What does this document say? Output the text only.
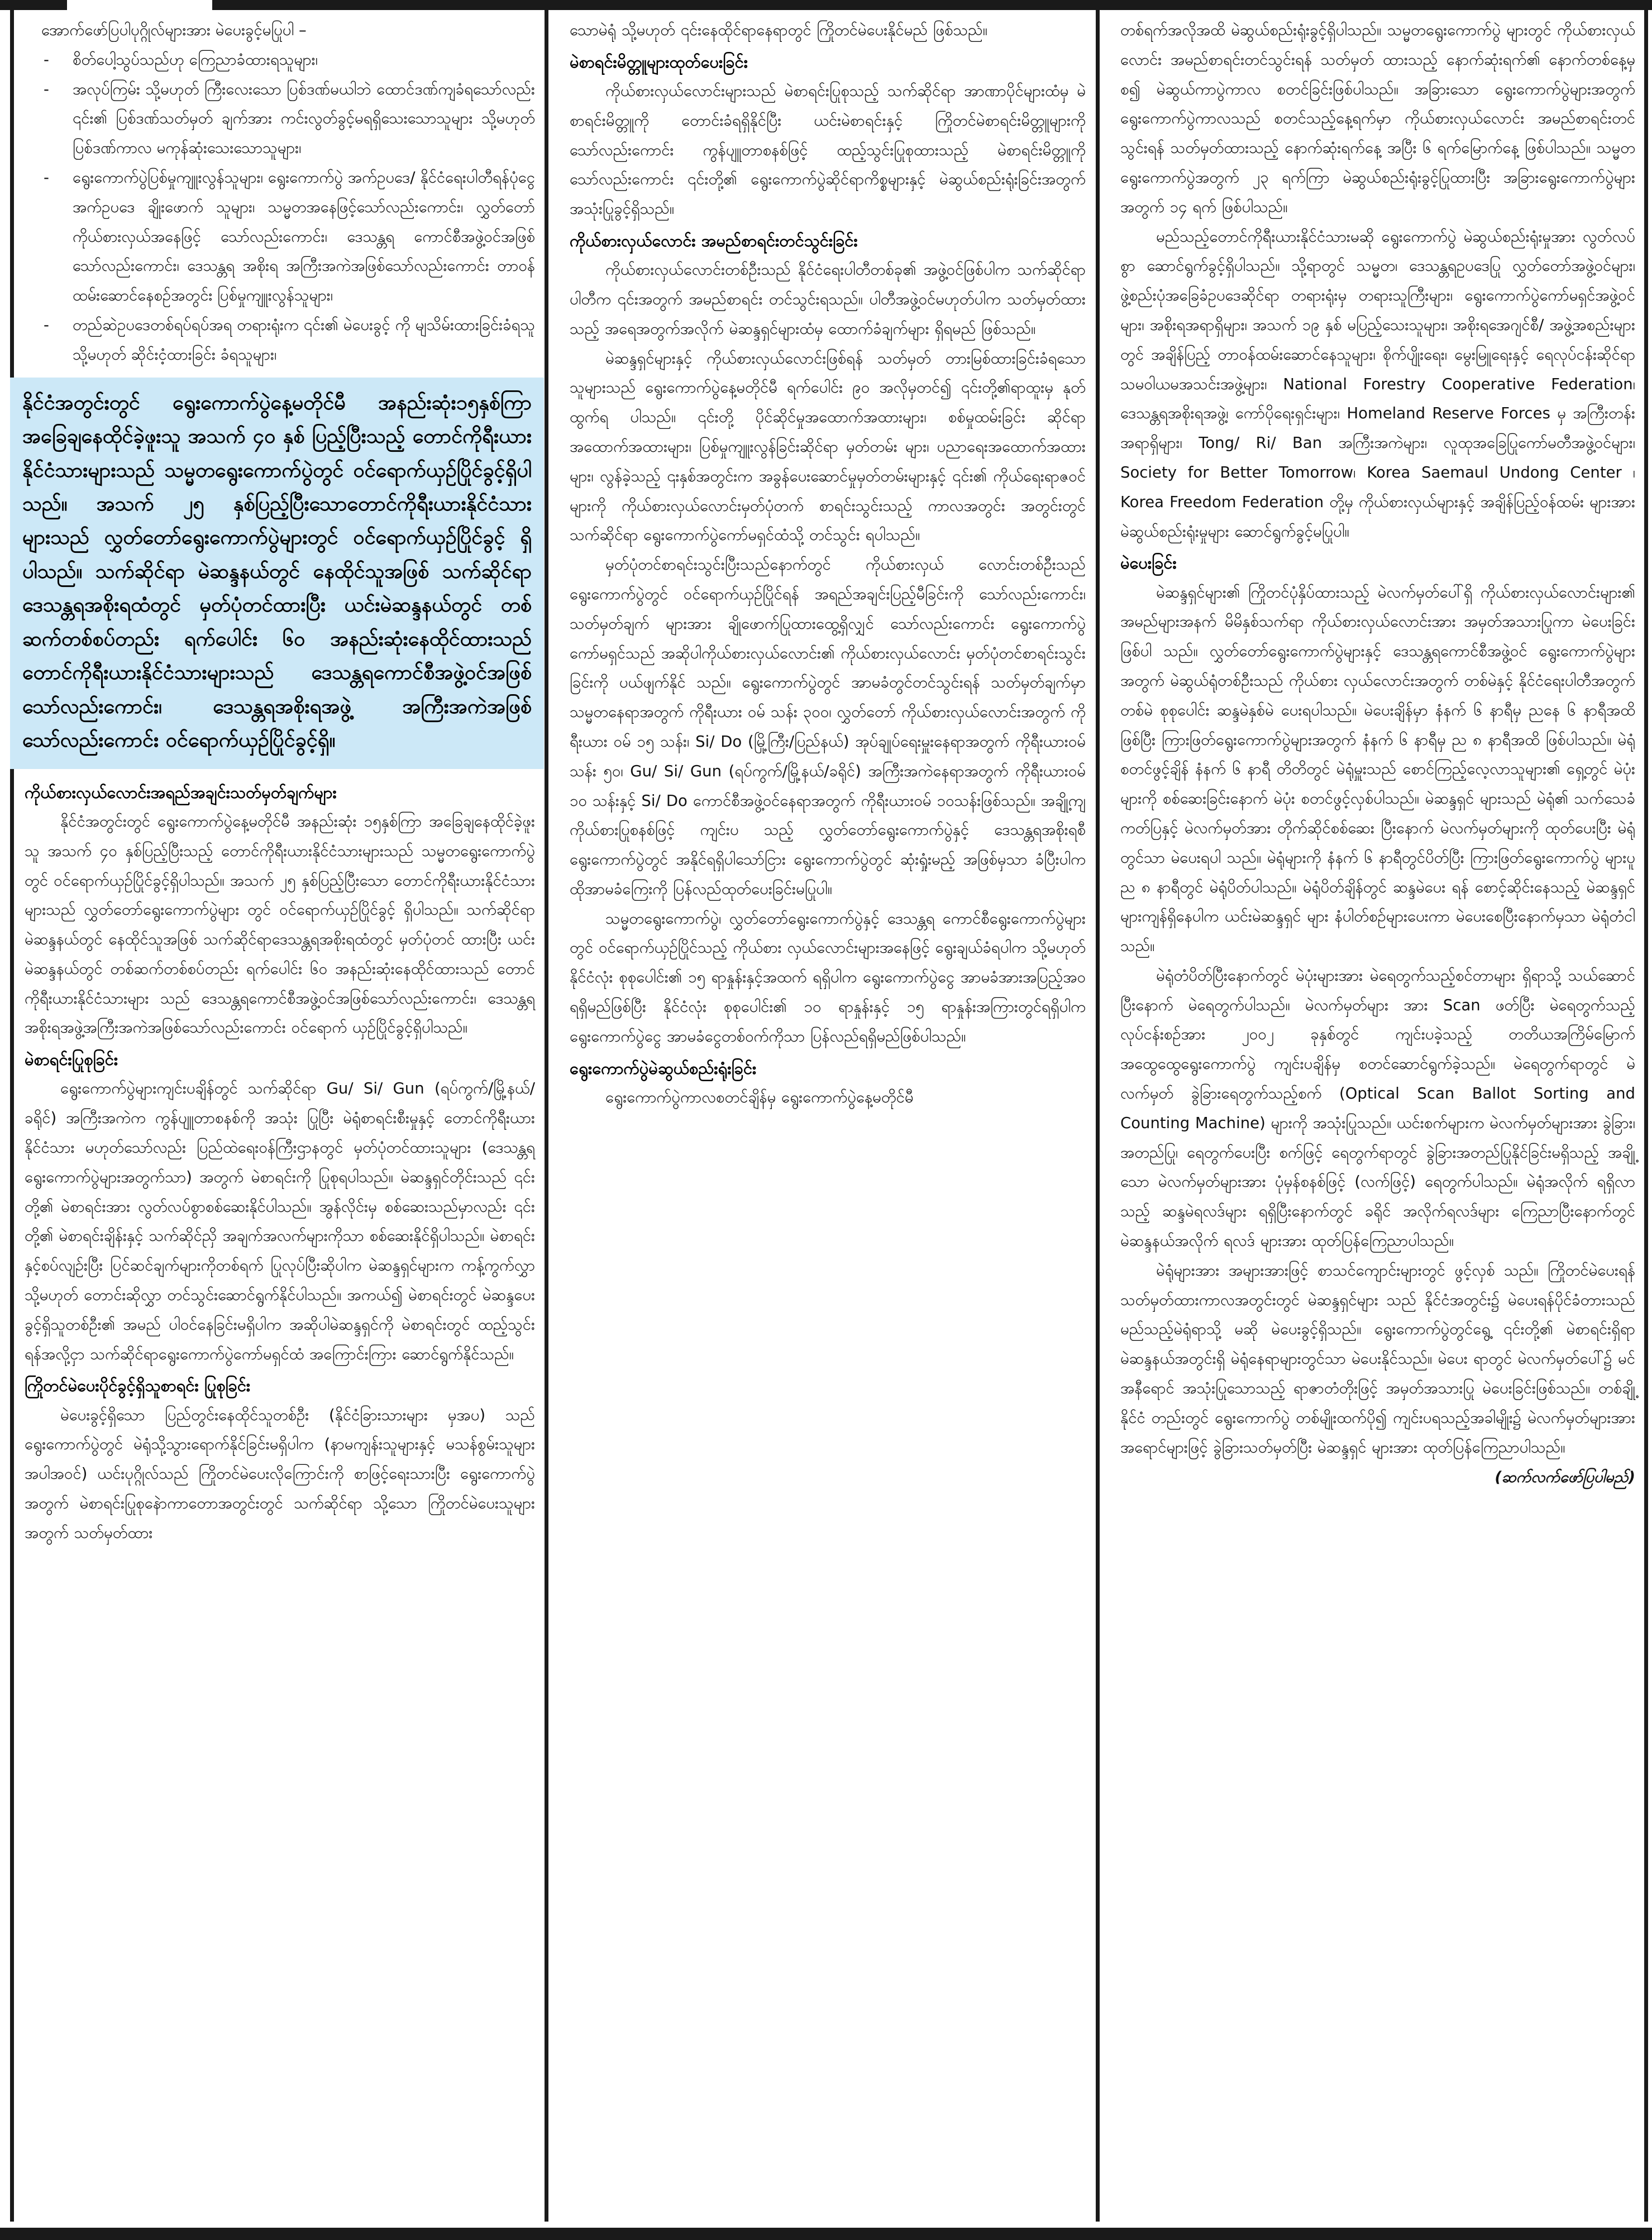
အောက်ဖော်ပြပါပုဂ္ဂိုလ်များအား မဲပေးခွင့်မပြုပါ –

- စိတ်ပေါ့သွပ်သည်ဟု ကြေညာခံထားရသူများ၊
- အလုပ်ကြမ်း သို့မဟုတ် ကြီးလေးသော ပြစ်ဒဏ်မယါဘဲ ထောင်ဒဏ်ကျခံရသော်လည်း ၎င်း၏ ပြစ်ဒဏ်သတ်မှတ် ချက်အား ကင်းလွတ်ခွင့်မရရှိသေးသောသူများ သို့မဟုတ် ပြစ်ဒဏ်ကာလ မကုန်ဆုံးသေးသောသူများ၊
- ရွေးကောက်ပွဲပြစ်မှုကျူးလွန်သူများ၊ ရွေးကောက်ပွဲ အက်ဥပဒေ/ နိုင်ငံရေးပါတီရန်ပုံငွေ အက်ဥပဒေ ချိုးဖောက် သူများ၊ သမ္မတအနေဖြင့်သော်လည်းကောင်း၊ လွှတ်တော် ကိုယ်စားလှယ်အနေဖြင့် သော်လည်းကောင်း၊ ဒေသန္တရ ကောင်စီအဖွဲ့ဝင်အဖြစ်သော်လည်းကောင်း၊ ဒေသန္တရ အစိုးရ အကြီးအကဲအဖြစ်သော်လည်းကောင်း တာဝန် ထမ်းဆောင်နေစဉ်အတွင်း ပြစ်မှုကျူးလွန်သူများ၊
- တည်ဆဲဥပဒေတစ်ရပ်ရပ်အရ တရားရုံးက ၎င်း၏ မဲပေးခွင့် ကို မျသိမ်းထားခြင်းခံရသူ သို့မဟုတ် ဆိုင်းငံ့ထားခြင်း ခံရသူများ၊

နိုင်ငံအတွင်းတွင် ရွေးကောက်ပွဲနေ့မတိုင်မီ အနည်းဆုံး၁၅နှစ်ကြာ အခြေချနေထိုင်ခဲ့ဖူးသူ အသက် ၄၀ နှစ် ပြည့်ပြီးသည့် တောင်ကိုရီးယားနိုင်ငံသားများသည် သမ္မတရွေးကောက်ပွဲတွင် ဝင်ရောက်ယှဉ်ပြိုင်ခွင့်ရှိပါ သည်။ အသက် ၂၅ နှစ်ပြည့်ပြီးသောတောင်ကိုရီးယားနိုင်ငံသားများသည် လွှတ်တော်ရွေးကောက်ပွဲများတွင် ဝင်ရောက်ယှဉ်ပြိုင်ခွင့် ရှိပါသည်။ သက်ဆိုင်ရာ မဲဆန္ဒနယ်တွင် နေထိုင်သူအဖြစ် သက်ဆိုင်ရာဒေသန္တရအစိုးရထံတွင် မှတ်ပုံတင်ထားပြီး ယင်းမဲဆန္ဒနယ်တွင် တစ်ဆက်တစ်စပ်တည်း ရက်ပေါင်း ၆၀ အနည်းဆုံးနေထိုင်ထားသည် တောင်ကိုရီးယားနိုင်ငံသားများသည် ဒေသန္တရကောင်စီအဖွဲ့ဝင်အဖြစ်သော်လည်းကောင်း၊ ဒေသန္တရအစိုးရအဖွဲ့ အကြီးအကဲအဖြစ်သော်လည်းကောင်း ဝင်ရောက်ယှဉ်ပြိုင်ခွင့်ရှိ။

ကိုယ်စားလှယ်လောင်းအရည်အချင်းသတ်မှတ်ချက်များ

နိုင်ငံအတွင်းတွင် ရွေးကောက်ပွဲနေ့မတိုင်မီ အနည်းဆုံး ၁၅နှစ်ကြာ အခြေချနေထိုင်ခဲ့ဖူးသူ အသက် ၄၀ နှစ်ပြည့်ပြီးသည့် တောင်ကိုရီးယားနိုင်ငံသားများသည် သမ္မတရွေးကောက်ပွဲတွင် ဝင်ရောက်ယှဉ်ပြိုင်ခွင့်ရှိပါသည်။ အသက် ၂၅ နှစ်ပြည့်ပြီးသော တောင်ကိုရီးယားနိုင်ငံသားများသည် လွှတ်တော်ရွေးကောက်ပွဲများ တွင် ဝင်ရောက်ယှဉ်ပြိုင်ခွင့် ရှိပါသည်။ သက်ဆိုင်ရာ မဲဆန္ဒနယ်တွင် နေထိုင်သူအဖြစ် သက်ဆိုင်ရာဒေသန္တရအစိုးရထံတွင် မှတ်ပုံတင် ထားပြီး ယင်းမဲဆန္ဒနယ်တွင် တစ်ဆက်တစ်စပ်တည်း ရက်ပေါင်း ၆၀ အနည်းဆုံးနေထိုင်ထားသည် တောင်ကိုရီးယားနိုင်ငံသားများ သည် ဒေသန္တရကောင်စီအဖွဲ့ဝင်အဖြစ်သော်လည်းကောင်း၊ ဒေသန္တရ အစိုးရအဖွဲ့အကြီးအကဲအဖြစ်သော်လည်းကောင်း ဝင်ရောက် ယှဉ်ပြိုင်ခွင့်ရှိပါသည်။

မဲစာရင်းပြုစုခြင်း

ရွေးကောက်ပွဲများကျင်းပချိန်တွင် သက်ဆိုင်ရာ Gu/ Si/ Gun (ရပ်ကွက်/မြို့နယ်/ခရိုင်) အကြီးအကဲက ကွန်ပျူတာစနစ်ကို အသုံး ပြုပြီး မဲရုံစာရင်းစီးမှုနှင့် တောင်ကိုရီးယားနိုင်ငံသား မဟုတ်သော်လည်း ပြည်ထဲရေးဝန်ကြီးဌာနတွင် မှတ်ပုံတင်ထားသူများ (ဒေသန္တရ ရွေးကောက်ပွဲများအတွက်သာ) အတွက် မဲစာရင်းကို ပြုစုရပါသည်။ မဲဆန္ဒရှင်တိုင်းသည် ၎င်းတို့၏ မဲစာရင်းအား လွတ်လပ်စွာစစ်ဆေးနိုင်ပါသည်။ အွန်လိုင်းမှ စစ်ဆေးသည်မှာလည်း ၎င်းတို့၏ မဲစာရင်းချိန်းနှင့် သက်ဆိုင်ညှိ အချက်အလက်များကိုသာ စစ်ဆေးနိုင်ရှိပါသည်။ မဲစာရင်းနှင့်စပ်လျဉ်းပြီး ပြင်ဆင်ချက်များကိုတစ်ရက် ပြုလုပ်ပြီးဆိုပါက မဲဆန္ဒရှင်များက ကန့်ကွက်လွှာ သို့မဟုတ် တောင်းဆိုလွှာ တင်သွင်းဆောင်ရွက်နိုင်ပါသည်။ အကယ်၍ မဲစာရင်းတွင် မဲဆန္ဒပေးခွင့်ရှိသူတစ်ဦး၏ အမည် ပါဝင်နေခြင်းမရှိပါက အဆိုပါမဲဆန္ဒရှင်ကို မဲစာရင်းတွင် ထည့်သွင်း ရန်အလို့ငှာ သက်ဆိုင်ရာရွေးကောက်ပွဲကော်မရှင်ထံ အကြောင်းကြား ဆောင်ရွက်နိုင်သည်။

ကြိုတင်မဲပေးပိုင်ခွင့်ရှိသူစာရင်း ပြုစုခြင်း

မဲပေးခွင့်ရှိသော ပြည်တွင်းနေထိုင်သူတစ်ဦး (နိုင်ငံခြားသားများ မှအပ) သည်ရွေးကောက်ပွဲတွင် မဲရုံသို့သွားရောက်နိုင်ခြင်းမရှိပါက (နာမကျန်းသူများနှင့် မသန်စွမ်းသူများအပါအဝင်) ယင်းပုဂ္ဂိုလ်သည် ကြိုတင်မဲပေးလိုကြောင်းကို စာဖြင့်ရေးသားပြီး ရွေးကောက်ပွဲ အတွက် မဲစာရင်းပြုစုနေဲာကာတောအတွင်းတွင် သက်ဆိုင်ရာ သို့သော ကြိုတင်မဲပေးသူများအတွက် သတ်မှတ်ထား

သောမဲရုံ သို့မဟုတ် ၎င်းနေထိုင်ရာနေရာတွင် ကြိုတင်မဲပေးနိုင်မည် ဖြစ်သည်။

မဲစာရင်းမိတ္တူများထုတ်ပေးခြင်း

ကိုယ်စားလှယ်လောင်းများသည် မဲစာရင်းပြုစုသည့် သက်ဆိုင်ရာ အာဏာပိုင်များထံမှ မဲစာရင်းမိတ္တူကို တောင်းခံရရှိနိုင်ပြီး ယင်းမဲစာရင်းနှင့် ကြိုတင်မဲစာရင်းမိတ္တူများကိုသော်လည်းကောင်း ကွန်ပျူတာစနစ်ဖြင့် ထည့်သွင်းပြုစုထားသည့် မဲစာရင်းမိတ္တူကို သော်လည်းကောင်း ၎င်းတို့၏ ရွေးကောက်ပွဲဆိုင်ရာကိစ္စများနှင့် မဲဆွယ်စည်းရုံးခြင်းအတွက် အသုံးပြုခွင့်ရှိသည်။

ကိုယ်စားလှယ်လောင်း အမည်စာရင်းတင်သွင်းခြင်း

ကိုယ်စားလှယ်လောင်းတစ်ဦးသည် နိုင်ငံရေးပါတီတစ်ခု၏ အဖွဲ့ဝင်ဖြစ်ပါက သက်ဆိုင်ရာပါတီက ၎င်းအတွက် အမည်စာရင်း တင်သွင်းရသည်။ ပါတီအဖွဲ့ဝင်မဟုတ်ပါက သတ်မှတ်ထား သည့် အရေအတွက်အလိုက် မဲဆန္ဒရှင်များထံမှ ထောက်ခံချက်များ ရှိရမည် ဖြစ်သည်။

မဲဆန္ဒရှင်များနှင့် ကိုယ်စားလှယ်လောင်းဖြစ်ရန် သတ်မှတ် တားမြစ်ထားခြင်းခံရသောသူများသည် ရွေးကောက်ပွဲနေ့မတိုင်မီ ရက်ပေါင်း ၉၀ အလိုမှတင်၍ ၎င်းတို့၏ရာထူးမှ နုတ်ထွက်ရ ပါသည်။ ၎င်းတို့ ပိုင်ဆိုင်မှုအထောက်အထားများ၊ စစ်မှုထမ်းခြင်း ဆိုင်ရာ အထောက်အထားများ၊ ပြစ်မှုကျူးလွန်ခြင်းဆိုင်ရာ မှတ်တမ်း များ၊ ပညာရေးအထောက်အထားများ၊ လွန်ခဲ့သည့် ၎းနှစ်အတွင်းက အခွန်ပေးဆောင်မှုမှတ်တမ်းများနှင့် ၎င်း၏ ကိုယ်ရေးရာဇဝင်များကို ကိုယ်စားလှယ်လောင်းမှတ်ပုံတက် စာရင်းသွင်းသည့် ကာလအတွင်း အတွင်းတွင် သက်ဆိုင်ရာ ရွေးကောက်ပွဲကော်မရှင်ထံသို့ တင်သွင်း ရပါသည်။

မှတ်ပုံတင်စာရင်းသွင်းပြီးသည်နောက်တွင် ကိုယ်စားလှယ် လောင်းတစ်ဦးသည် ရွေးကောက်ပွဲတွင် ဝင်ရောက်ယှဉ်ပြိုင်ရန် အရည်အချင်းပြည့်မီခြင်းကို သော်လည်းကောင်း၊ သတ်မှတ်ချက် များအား ချိုဖောက်ပြုထားထွေ့ရှိလျှင် သော်လည်းကောင်း ရွေးကောက်ပွဲကော်မရှင်သည် အဆိုပါကိုယ်စားလှယ်လောင်း၏ ကိုယ်စားလှယ်လောင်း မှတ်ပုံတင်စာရင်းသွင်းခြင်းကို ပယ်ဖျက်နိုင် သည်။ ရွေးကောက်ပွဲတွင် အာမခံတွင်တင်သွင်းရန် သတ်မှတ်ချက်မှာ သမ္မတနေရာအတွက် ကိုရီးယား ဝမ် သန်း ၃၀၀၊ လွှတ်တော် ကိုယ်စားလှယ်လောင်းအတွက် ကိုရီးယား ဝမ် ၁၅ သန်း၊ Si/ Do (မြို့ကြီး/ပြည်နယ်) အုပ်ချုပ်ရေးမှူးနေရာအတွက် ကိုရီးယားဝမ် သန်း ၅၀၊ Gu/ Si/ Gun (ရပ်ကွက်/မြို့နယ်/ခရိုင်) အကြီးအကဲနေရာအတွက် ကိုရီးယားဝမ် ၁၀ သန်းနှင့် Si/ Do ကောင်စီအဖွဲ့ဝင်နေရာအတွက် ကိုရီးယားဝမ် ၁၀သန်းဖြစ်သည်။ အချို့ကျကိုယ်စားပြုစနစ်ဖြင့် ကျင်းပ သည့် လွှတ်တော်ရွေးကောက်ပွဲနှင့် ဒေသန္တရအစိုးရစီ ရွေးကောက်ပွဲတွင် အနိုင်ရရှိပါသော်ငြား ရွေးကောက်ပွဲတွင် ဆုံးရှုံးမည့် အဖြစ်မှသာ ခံပြီးပါက ထိုအာမခံကြေးကို ပြန်လည်ထုတ်ပေးခြင်းမပြုပါ။

သမ္မတရွေးကောက်ပွဲ၊ လွှတ်တော်ရွေးကောက်ပွဲနှင့် ဒေသန္တရ ကောင်စီရွေးကောက်ပွဲများတွင် ဝင်ရောက်ယှဉ်ပြိုင်သည့် ကိုယ်စား လှယ်လောင်းများအနေဖြင့် ရွေးချယ်ခံရပါက သို့မဟုတ် နိုင်ငံလုံး စုစုပေါင်း၏ ၁၅ ရာနှုန်းနှင့်အထက် ရရှိပါက ရွေးကောက်ပွဲငွေ အာမခံအားအပြည့်အဝရရှိမည်ဖြစ်ပြီး နိုင်ငံလုံး စုစုပေါင်း၏ ၁၀ ရာနှုန်းနှင့် ၁၅ ရာနှုန်းအကြားတွင်ရရှိပါက ရွေးကောက်ပွဲငွေ အာမခံငွေတစ်ဝက်ကိုသာ ပြန်လည်ရရှိမည်ဖြစ်ပါသည်။

ရွေးကောက်ပွဲမဲဆွယ်စည်းရုံးခြင်း

ရွေးကောက်ပွဲကာလစတင်ချိန်မှ ရွေးကောက်ပွဲနေ့မတိုင်မီ

တစ်ရက်အလိုအထိ မဲဆွယ်စည်းရုံးခွင့်ရှိပါသည်။ သမ္မတရွေးကောက်ပွဲ များတွင် ကိုယ်စားလှယ်လောင်း အမည်စာရင်းတင်သွင်းရန် သတ်မှတ် ထားသည့် နောက်ဆုံးရက်၏ နောက်တစ်နေ့မှစ၍ မဲဆွယ်ကာပွဲကာလ စတင်ခြင်းဖြစ်ပါသည်။ အခြားသော ရွေးကောက်ပွဲများအတွက် ရွေးကောက်ပွဲကာလသည် စတင်သည့်နေ့ရက်မှာ ကိုယ်စားလှယ်လောင်း အမည်စာရင်းတင်သွင်းရန် သတ်မှတ်ထားသည့် နောက်ဆုံးရက်နေ့ အပြီး ၆ ရက်မြောက်နေ့ ဖြစ်ပါသည်။ သမ္မတရွေးကောက်ပွဲအတွက် ၂၃ ရက်ကြာ မဲဆွယ်စည်းရုံးခွင့်ပြုထားပြီး အခြားရွေးကောက်ပွဲများ အတွက် ၁၄ ရက် ဖြစ်ပါသည်။

မည်သည့်တောင်ကိုရီးယားနိုင်ငံသားမဆို ရွေးကောက်ပွဲ မဲဆွယ်စည်းရုံးမှုအား လွတ်လပ်စွာ ဆောင်ရွက်ခွင့်ရှိပါသည်။ သို့ရာတွင် သမ္မတ၊ ဒေသန္တရဥပဒေပြု လွှတ်တော်အဖွဲ့ဝင်များ၊ ဖွဲ့စည်းပုံအခြေခံဥပဒေဆိုင်ရာ တရားရုံးမှ တရားသူကြီးများ၊ ရွေးကောက်ပွဲကော်မရှင်အဖွဲ့ဝင်များ၊ အစိုးရအရာရှိများ၊ အသက် ၁၉ နှစ် မပြည့်သေးသူများ၊ အစိုးရအေဂျင်စီ/ အဖွဲ့အစည်းများတွင် အချိန်ပြည့် တာဝန်ထမ်းဆောင်နေသူများ၊ စိုက်ပျိုးရေး၊ မွေးမြူရေးနှင့် ရေလုပ်ငန်းဆိုင်ရာ သမဝါယမအသင်းအဖွဲ့များ၊ National Forestry Cooperative Federation၊ ဒေသန္တရအစိုးရအဖွဲ့၊ ကော်ပိုရေးရှင်းများ၊ Homeland Reserve Forces မှ အကြီးတန်းအရာရှိများ၊ Tong/ Ri/ Ban အကြီးအကဲများ၊ လူထုအခြေပြုကော်မတီအဖွဲ့ဝင်များ၊ Society for Better Tomorrow၊ Korea Saemaul Undong Center ၊ Korea Freedom Federation တို့မှ ကိုယ်စားလှယ်များနှင့် အချိန်ပြည့်ဝန်ထမ်း များအား မဲဆွယ်စည်းရုံးမှုများ ဆောင်ရွက်ခွင့်မပြုပါ။

မဲပေးခြင်း

မဲဆန္ဒရှင်များ၏ ကြိုတင်ပုံနှိပ်ထားသည့် မဲလက်မှတ်ပေါ်ရှိ ကိုယ်စားလှယ်လောင်းများ၏ အမည်များအနက် မိမိနှစ်သက်ရာ ကိုယ်စားလှယ်လောင်းအား အမှတ်အသားပြုကာ မဲပေးခြင်းဖြစ်ပါ သည်။ လွှတ်တော်ရွေးကောက်ပွဲများနှင့် ဒေသန္တရကောင်စီအဖွဲ့ဝင် ရွေးကောက်ပွဲများအတွက် မဲဆွယ်ရုံတစ်ဦးသည် ကိုယ်စား လှယ်လောင်းအတွက် တစ်မဲနှင့် နိုင်ငံရေးပါတီအတွက် တစ်မဲ စုစုပေါင်း ဆန္ဒမဲနှစ်မဲ ပေးရပါသည်။ မဲပေးချိန်မှာ နံနက် ၆ နာရီမှ ညနေ ၆ နာရီအထိဖြစ်ပြီး ကြားဖြတ်ရွေးကောက်ပွဲများအတွက် နံနက် ၆ နာရီမှ ည ၈ နာရီအထိ ဖြစ်ပါသည်။ မဲရုံစတင်ဖွင့်ချိန် နံနက် ၆ နာရီ တိတိတွင် မဲရုံမှူးသည် စောင်ကြည့်လေ့လာသူများ၏ ရှေ့တွင် မဲပုံး များကို စစ်ဆေးခြင်းနောက် မဲပုံး စတင်ဖွင့်လှစ်ပါသည်။ မဲဆန္ဒရှင် များသည် မဲရုံ၏ သက်သေခံကတ်ပြနှင့် မဲလက်မှတ်အား တိုက်ဆိုင်စစ်ဆေး ပြီးနောက် မဲလက်မှတ်များကို ထုတ်ပေးပြီး မဲရုံတွင်သာ မဲပေးရပါ သည်။ မဲရုံများကို နံနက် ၆ နာရီတွင်ပိတ်ပြီး ကြားဖြတ်ရွေးကောက်ပွဲ များပူ ည ၈ နာရီတွင် မဲရုံပိတ်ပါသည်။ မဲရုံပိတ်ချိန်တွင် ဆန္ဒမဲပေး ရန် စောင့်ဆိုင်းနေသည့် မဲဆန္ဒရှင်များကျန်ရှိနေပါက ယင်းမဲဆန္ဒရှင် များ နံပါတ်စဉ်များပေးကာ မဲပေးစေပြီးနောက်မှသာ မဲရုံတံငါ သည်။

မဲရုံတံပိတ်ပြီးနောက်တွင် မဲပုံးများအား မဲရေတွက်သည့်စင်တာများ ရှိရာသို့ သယ်ဆောင်ပြီးနောက် မဲရေတွက်ပါသည်။ မဲလက်မှတ်များ အား Scan ဖတ်ပြီး မဲရေတွက်သည့်လုပ်ငန်းစဉ်အား ၂၀၀၂ ခုနှစ်တွင် ကျင်းပခဲ့သည့် တတိယအကြိမ်မြောက် အထွေထွေရွေးကောက်ပွဲ ကျင်းပချိန်မှ စတင်ဆောင်ရွက်ခဲ့သည်။ မဲရေတွက်ရာတွင် မဲလက်မှတ် ခွဲခြားရေတွက်သည့်စက် (Optical Scan Ballot Sorting and Counting Machine) များကို အသုံးပြုသည်။ ယင်းစက်များက မဲလက်မှတ်များအား ခွဲခြား၊ အတည်ပြု၊ ရေတွက်ပေးပြီး စက်ဖြင့် ရေတွက်ရာတွင် ခွဲခြားအတည်ပြုနိုင်ခြင်းမရှိသည့် အချို့သော မဲလက်မှတ်များအား ပုံမှန်စနစ်ဖြင့် (လက်ဖြင့်) ရေတွက်ပါသည်။ မဲရုံအလိုက် ရရှိလာသည့် ဆန္ဒမဲရလဒ်များ ရရှိပြီးနောက်တွင် ခရိုင် အလိုက်ရလဒ်များ ကြေညာပြီးနောက်တွင် မဲဆန္ဒနယ်အလိုက် ရလဒ် များအား ထုတ်ပြန်ကြေညာပါသည်။

မဲရုံများအား အများအားဖြင့် စာသင်ကျောင်းများတွင် ဖွင့်လှစ် သည်။ ကြိုတင်မဲပေးရန် သတ်မှတ်ထားကာလအတွင်းတွင် မဲဆန္ဒရှင်များ သည် နိုင်ငံအတွင်း၌ မဲပေးရန်ပိုင်ခံတားသည် မည်သည့်မဲရုံရာသို့ မဆို မဲပေးခွင့်ရှိသည်။ ရွေးကောက်ပွဲတွင်ရွေ့ ၎င်းတို့၏ မဲစာရင်းရှိရာ မဲဆန္ဒနယ်အတွင်းရှိ မဲရုံနေရာများတွင်သာ မဲပေးနိုင်သည်။ မဲပေး ရာတွင် မဲလက်မှတ်ပေါ်၌ မင်အနီရောင် အသုံးပြုသောသည့် ရာဇာတံတိုးဖြင့် အမှတ်အသားပြု မဲပေးခြင်းဖြစ်သည်။ တစ်ချို့နိုင်ငံ တည်းတွင် ရွေးကောက်ပွဲ တစ်မျိုးထက်ပို၍ ကျင်းပရသည့်အခါမျိုး၌ မဲလက်မှတ်များအား အရောင်များဖြင့် ခွဲခြားသတ်မှတ်ပြီး မဲဆန္ဒရှင် များအား ထုတ်ပြန်ကြေညာပါသည်။

(ဆက်လက်ဖော်ပြပါမည်)
